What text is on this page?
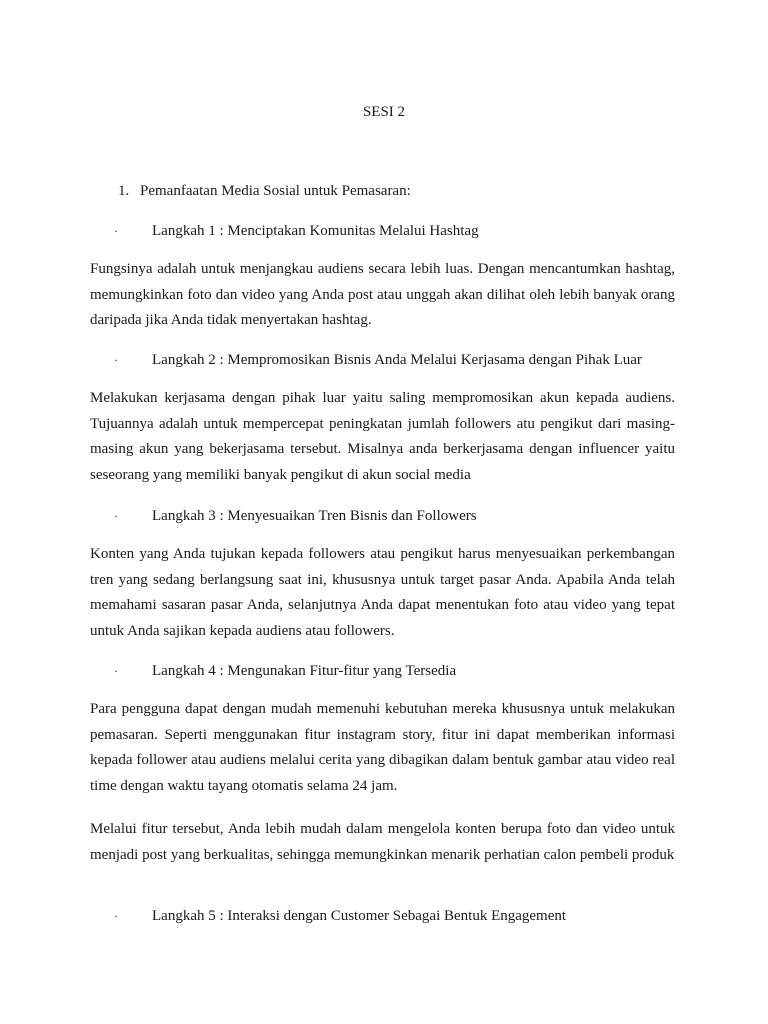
SESI 2
1. Pemanfaatan Media Sosial untuk Pemasaran:
· Langkah 1 : Menciptakan Komunitas Melalui Hashtag

Fungsinya adalah untuk menjangkau audiens secara lebih luas. Dengan mencantumkan hashtag, memungkinkan foto dan video yang Anda post atau unggah akan dilihat oleh lebih banyak orang daripada jika Anda tidak menyertakan hashtag.

· Langkah 2 : Mempromosikan Bisnis Anda Melalui Kerjasama dengan Pihak Luar

Melakukan kerjasama dengan pihak luar yaitu saling mempromosikan akun kepada audiens. Tujuannya adalah untuk mempercepat peningkatan jumlah followers atu pengikut dari masing-masing akun yang bekerjasama tersebut. Misalnya anda berkerjasama dengan influencer yaitu seseorang yang memiliki banyak pengikut di akun social media

· Langkah 3 : Menyesuaikan Tren Bisnis dan Followers

Konten yang Anda tujukan kepada followers atau pengikut harus menyesuaikan perkembangan tren yang sedang berlangsung saat ini, khususnya untuk target pasar Anda. Apabila Anda telah memahami sasaran pasar Anda, selanjutnya Anda dapat menentukan foto atau video yang tepat untuk Anda sajikan kepada audiens atau followers.

· Langkah 4 : Mengunakan Fitur-fitur yang Tersedia

Para pengguna dapat dengan mudah memenuhi kebutuhan mereka khususnya untuk melakukan pemasaran. Seperti menggunakan fitur instagram story, fitur ini dapat memberikan informasi kepada follower atau audiens melalui cerita yang dibagikan dalam bentuk gambar atau video real time dengan waktu tayang otomatis selama 24 jam.

Melalui fitur tersebut, Anda lebih mudah dalam mengelola konten berupa foto dan video untuk menjadi post yang berkualitas, sehingga memungkinkan menarik perhatian calon pembeli produk

· Langkah 5 : Interaksi dengan Customer Sebagai Bentuk Engagement
